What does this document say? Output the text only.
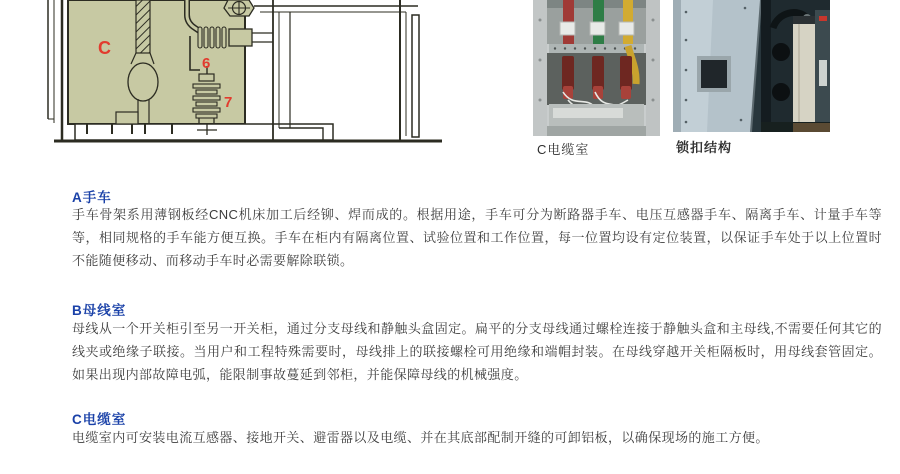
C
6
7
C电缆室	锁扣结构
A手车
手车骨架系用薄钢板经CNC机床加工后经铆、焊而成的。根据用途，手车可分为断路器手车、电压互感器手车、隔离手车、计量手车等等，相同规格的手车能方便互换。手车在柜内有隔离位置、试验位置和工作位置，每一位置均设有定位装置，以保证手车处于以上位置时不能随便移动、而移动手车时必需要解除联锁。
B母线室
母线从一个开关柜引至另一开关柜，通过分支母线和静触头盒固定。扁平的分支母线通过螺栓连接于静触头盒和主母线,不需要任何其它的线夹或绝缘子联接。当用户和工程特殊需要时，母线排上的联接螺栓可用绝缘和端帽封装。在母线穿越开关柜隔板时，用母线套管固定。如果出现内部故障电弧，能限制事故蔓延到邻柜，并能保障母线的机械强度。
C电缆室
电缆室内可安装电流互感器、接地开关、避雷器以及电缆、并在其底部配制开缝的可卸铝板，以确保现场的施工方便。
